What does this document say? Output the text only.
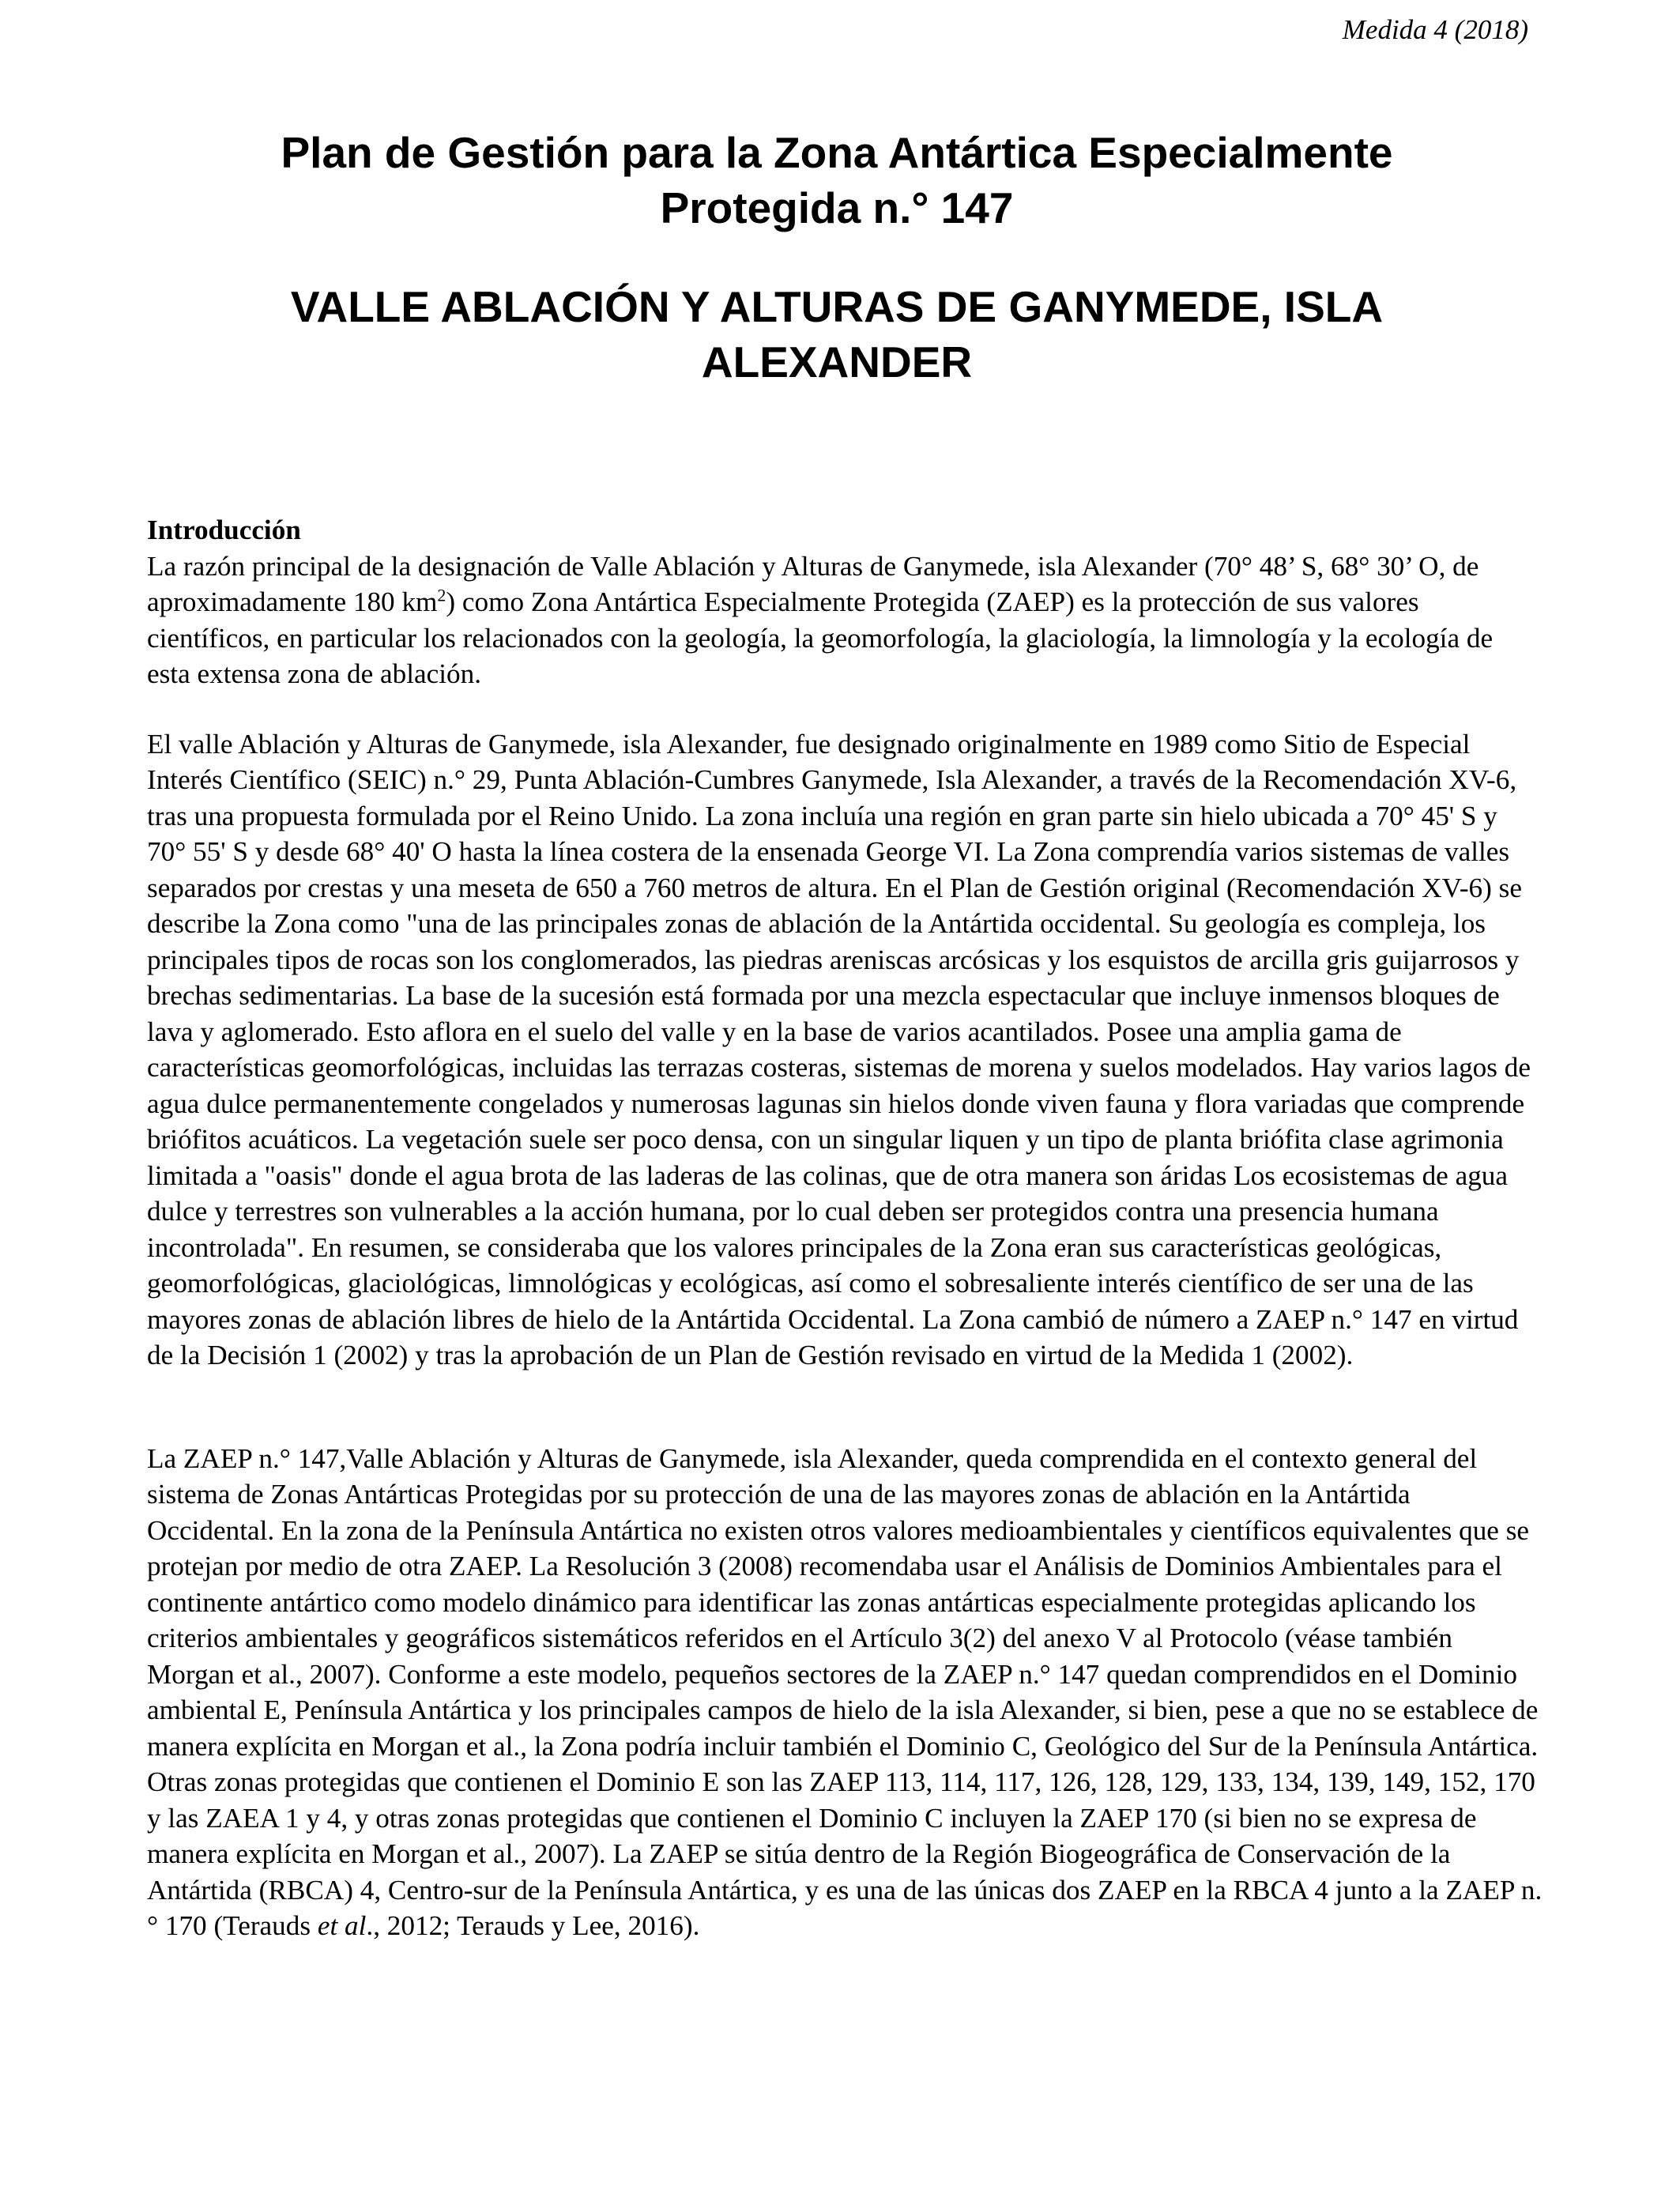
Medida 4 (2018)
Plan de Gestión para la Zona Antártica Especialmente
Protegida n.° 147
VALLE ABLACIÓN Y ALTURAS DE GANYMEDE, ISLA
ALEXANDER

Introducción

La razón principal de la designación de Valle Ablación y Alturas de Ganymede, isla Alexander (70° 48’ S, 68° 30’ O, de aproximadamente 180 $km^2$) como Zona Antártica Especialmente Protegida (ZAEP) es la protección de sus valores científicos, en particular los relacionados con la geología, la geomorfología, la glaciología, la limnología y la ecología de esta extensa zona de ablación.

El valle Ablación y Alturas de Ganymede, isla Alexander, fue designado originalmente en 1989 como Sitio de Especial Interés Científico (SEIC) n.° 29, Punta Ablación-Cumbres Ganymede, Isla Alexander, a través de la Recomendación XV-6, tras una propuesta formulada por el Reino Unido. La zona incluía una región en gran parte sin hielo ubicada a 70° 45' S y 70° 55' S y desde 68° 40' O hasta la línea costera de la ensenada George VI. La Zona comprendía varios sistemas de valles separados por crestas y una meseta de 650 a 760 metros de altura. En el Plan de Gestión original (Recomendación XV-6) se describe la Zona como "una de las principales zonas de ablación de la Antártida occidental. Su geología es compleja, los principales tipos de rocas son los conglomerados, las piedras areniscas arcósicas y los esquistos de arcilla gris guijarrosos y brechas sedimentarias. La base de la sucesión está formada por una mezcla espectacular que incluye inmensos bloques de lava y aglomerado. Esto aflora en el suelo del valle y en la base de varios acantilados. Posee una amplia gama de características geomorfológicas, incluidas las terrazas costeras, sistemas de morena y suelos modelados. Hay varios lagos de agua dulce permanentemente congelados y numerosas lagunas sin hielos donde viven fauna y flora variadas que comprende briófitos acuáticos. La vegetación suele ser poco densa, con un singular liquen y un tipo de planta briófita clase agrimonia limitada a "oasis" donde el agua brota de las laderas de las colinas, que de otra manera son áridas Los ecosistemas de agua dulce y terrestres son vulnerables a la acción humana, por lo cual deben ser protegidos contra una presencia humana incontrolada". En resumen, se consideraba que los valores principales de la Zona eran sus características geológicas, geomorfológicas, glaciológicas, limnológicas y ecológicas, así como el sobresaliente interés científico de ser una de las mayores zonas de ablación libres de hielo de la Antártida Occidental. La Zona cambió de número a ZAEP n.° 147 en virtud de la Decisión 1 (2002) y tras la aprobación de un Plan de Gestión revisado en virtud de la Medida 1 (2002).

La ZAEP n.° 147,Valle Ablación y Alturas de Ganymede, isla Alexander, queda comprendida en el contexto general del sistema de Zonas Antárticas Protegidas por su protección de una de las mayores zonas de ablación en la Antártida Occidental. En la zona de la Península Antártica no existen otros valores medioambientales y científicos equivalentes que se protejan por medio de otra ZAEP. La Resolución 3 (2008) recomendaba usar el Análisis de Dominios Ambientales para el continente antártico como modelo dinámico para identificar las zonas antárticas especialmente protegidas aplicando los criterios ambientales y geográficos sistemáticos referidos en el Artículo 3(2) del anexo V al Protocolo (véase también Morgan et al., 2007). Conforme a este modelo, pequeños sectores de la ZAEP n.° 147 quedan comprendidos en el Dominio ambiental E, Península Antártica y los principales campos de hielo de la isla Alexander, si bien, pese a que no se establece de manera explícita en Morgan et al., la Zona podría incluir también el Dominio C, Geológico del Sur de la Península Antártica. Otras zonas protegidas que contienen el Dominio E son las ZAEP 113, 114, 117, 126, 128, 129, 133, 134, 139, 149, 152, 170 y las ZAEA 1 y 4, y otras zonas protegidas que contienen el Dominio C incluyen la ZAEP 170 (si bien no se expresa de manera explícita en Morgan et al., 2007). La ZAEP se sitúa dentro de la Región Biogeográfica de Conservación de la Antártida (RBCA) 4, Centro-sur de la Península Antártica, y es una de las únicas dos ZAEP en la RBCA 4 junto a la ZAEP n.° 170 (Terauds et al., 2012; Terauds y Lee, 2016).
